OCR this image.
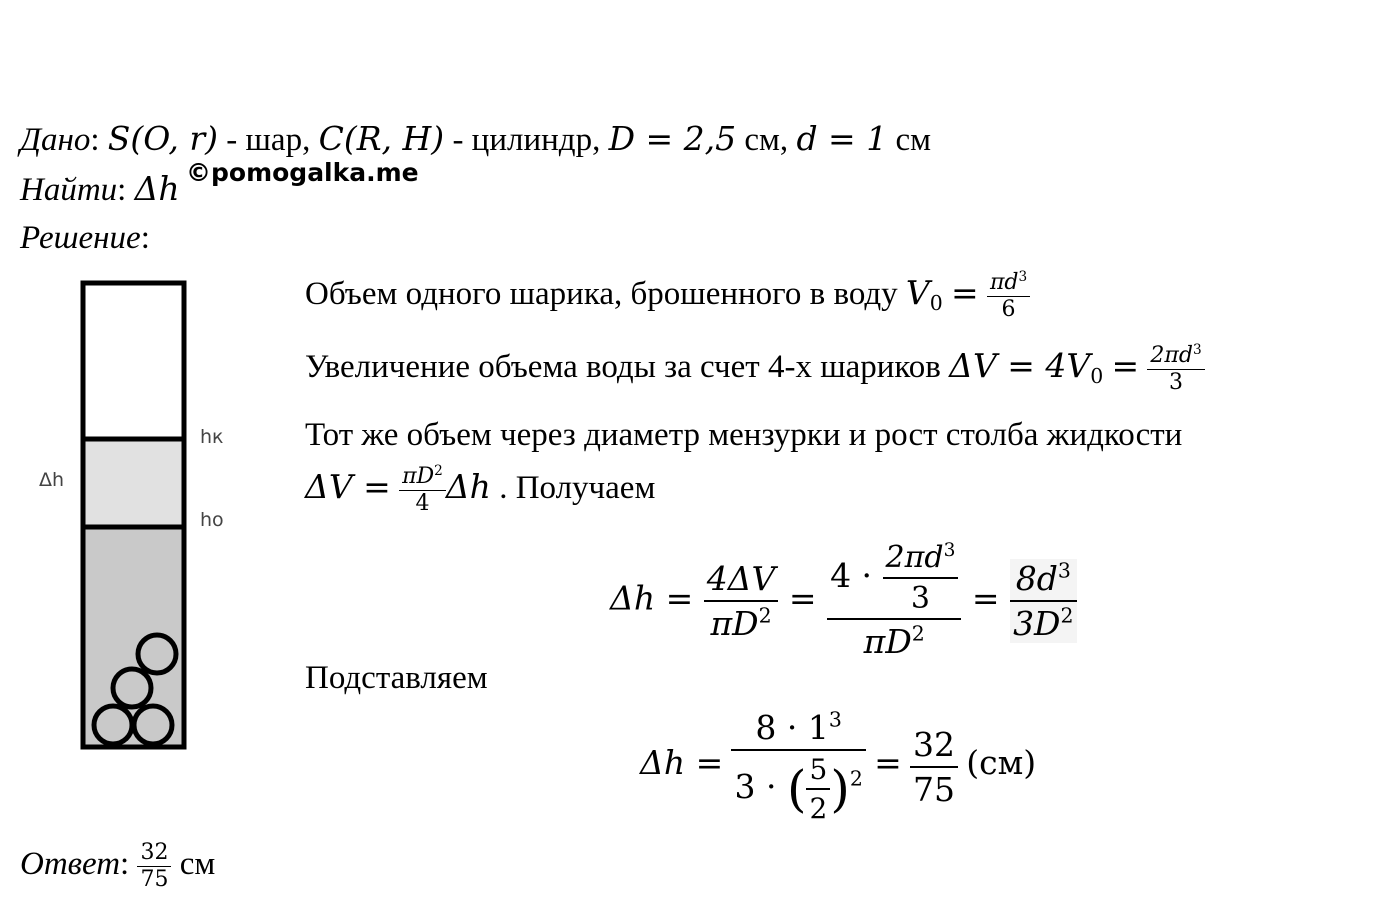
Дано: S(O, r) - шар, C(R, H) - цилиндр, D = 2,5 см, d = 1 см
Найти: Δh ©pomogalka.me
Решение:
Δh
hк
hо
Объем одного шарика, брошенного в воду $V_0 = \frac{\pi d^3}{6}$
Увеличение объема воды за счет 4-х шариков $\Delta V = 4V_0 = \frac{2\pi d^3}{3}$
Тот же объем через диаметр мензурки и рост столба жидкости
$\Delta V = \frac{\pi D^2}{4}$ Δh . Получаем
$\Delta h = \frac{4\Delta V}{\pi D^2} = \frac{4 \cdot \frac{2\pi d^3}{3}}{\pi D^2} = \frac{8d^3}{3D^2}$
Подставляем
$\Delta h = \frac{8 \cdot 1^3}{3 \cdot ( \frac{5}{2} )^2} = \frac{32}{75} (см)$
Ответ: $\frac{32}{75}$ см
